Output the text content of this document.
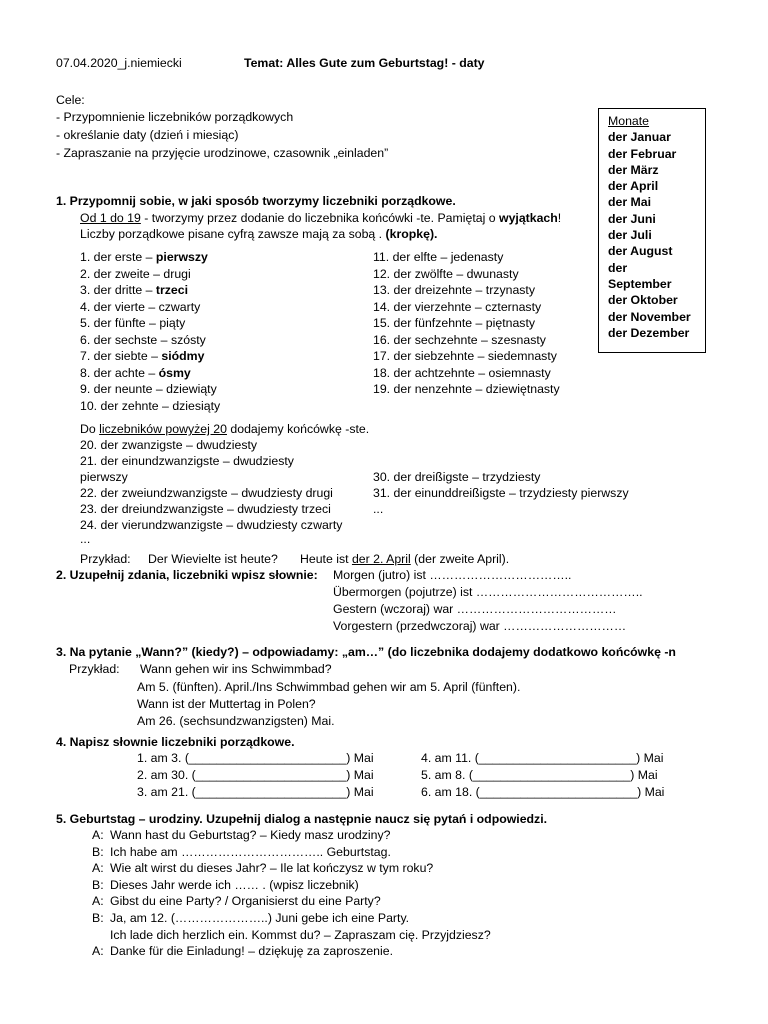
07.04.2020_j.niemiecki	Temat: Alles Gute zum Geburtstag! - daty
Cele:
- Przypomnienie liczebników porządkowych
- określanie daty (dzień i miesiąc)
- Zapraszanie na przyjęcie urodzinowe, czasownik „einladen”
Monate
der Januar
der Februar
der März
der April
der Mai
der Juni
der Juli
der August
der
September
der Oktober
der November
der Dezember
1. Przypomnij sobie, w jaki sposób tworzymy liczebniki porządkowe.
Od 1 do 19 - tworzymy przez dodanie do liczebnika końcówki -te. Pamiętaj o wyjątkach!
Liczby porządkowe pisane cyfrą zawsze mają za sobą . (kropkę).
1. der erste – pierwszy
2. der zweite – drugi
3. der dritte – trzeci
4. der vierte – czwarty
5. der fünfte – piąty
6. der sechste – szósty
7. der siebte – siódmy
8. der achte – ósmy
9. der neunte – dziewiąty
10. der zehnte – dziesiąty
11. der elfte – jedenasty
12. der zwölfte – dwunasty
13. der dreizehnte – trzynasty
14. der vierzehnte – czternasty
15. der fünfzehnte – piętnasty
16. der sechzehnte – szesnasty
17. der siebzehnte – siedemnasty
18. der achtzehnte – osiemnasty
19. der nenzehnte – dziewiętnasty
Do liczebników powyżej 20 dodajemy końcówkę -ste.
20. der zwanzigste – dwudziesty
21. der einundzwanzigste – dwudziesty
pierwszy
22. der zweiundzwanzigste – dwudziesty drugi
23. der dreiundzwanzigste – dwudziesty trzeci
24. der vierundzwanzigste – dwudziesty czwarty
...
30. der dreißigste – trzydziesty
31. der einunddreißigste – trzydziesty pierwszy
...
Przykład: Der Wievielte ist heute? Heute ist der 2. April (der zweite April).
2. Uzupełnij zdania, liczebniki wpisz słownie: Morgen (jutro) ist ……………………………..
Übermorgen (pojutrze) ist …………………………………..
Gestern (wczoraj) war …………………………………
Vorgestern (przedwczoraj) war …………………………
3. Na pytanie „Wann?” (kiedy?) – odpowiadamy: „am…” (do liczebnika dodajemy dodatkowo końcówkę -n
Przykład: Wann gehen wir ins Schwimmbad?
Am 5. (fünften). April./Ins Schwimmbad gehen wir am 5. April (fünften).
Wann ist der Muttertag in Polen?
Am 26. (sechsundzwanzigsten) Mai.
4. Napisz słownie liczebniki porządkowe.
1. am 3. (_______________________) Mai
2. am 30. (______________________) Mai
3. am 21. (______________________) Mai
4. am 11. (_______________________) Mai
5. am 8. (_______________________) Mai
6. am 18. (_______________________) Mai
5. Geburtstag – urodziny. Uzupełnij dialog a następnie naucz się pytań i odpowiedzi.
A: Wann hast du Geburtstag? – Kiedy masz urodziny?
B: Ich habe am …………………………….. Geburtstag.
A: Wie alt wirst du dieses Jahr? – Ile lat kończysz w tym roku?
B: Dieses Jahr werde ich …… . (wpisz liczebnik)
A: Gibst du eine Party? / Organisierst du eine Party?
B: Ja, am 12. (…………………..) Juni gebe ich eine Party.
Ich lade dich herzlich ein. Kommst du? – Zapraszam cię. Przyjdziesz?
A: Danke für die Einladung! – dziękuję za zaproszenie.
